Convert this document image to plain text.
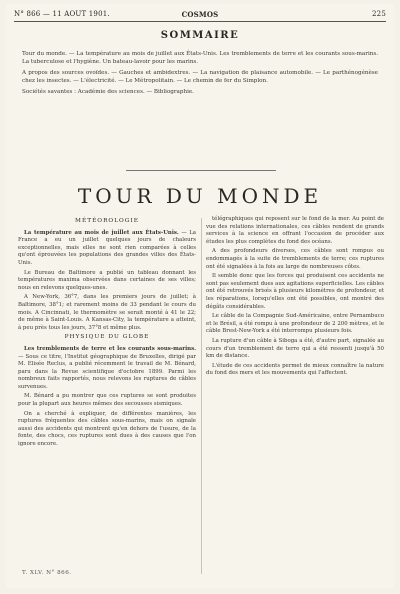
N° 866 — 11 AOUT 1901.	COSMOS	225
SOMMAIRE

Tour du monde. — La température au mois de juillet aux États-Unis. Les tremblements de terre et les courants sous-marins. La tuberculose et l'hygiène. Un bateau-lavoir pour les marins.

A propos des sources ovoïdes. — Gauches et ambidextres. — La navigation de plaisance automobile. — Le parthénogénèse chez les insectes. — L'électricité. — Le Métropolitain. — Le chemin de fer du Simplon.

Sociétés savantes : Académie des sciences. — Bibliographie.

TOUR DU MONDE
MÉTÉOROLOGIE

La température au mois de juillet aux États-Unis. — La France a eu un juillet quelques jours de chaleurs exceptionnelles, mais elles ne sont rien comparées à celles qu'ont éprouvées les populations des grandes villes des États-Unis.

Le Bureau de Baltimore a publié un tableau donnant les températures maxima observées dans certaines de ses villes; nous en relevons quelques-unes.

A New-York, 36°7, dans les premiers jours de juillet; à Baltimore, 38°1; et rarement moins de 33 pendant le cours du mois. A Cincinnati, le thermomètre se serait monté à 41 le 22; de même à Saint-Louis. A Kansas-City, la température a atteint, à peu près tous les jours, 37°8 et même plus.

PHYSIQUE DU GLOBE

Les tremblements de terre et les courants sous-marins. — Sous ce titre, l'Institut géographique de Bruxelles, dirigé par M. Elisée Reclus, a publié récemment le travail de M. Bénard, paru dans la Revue scientifique d'octobre 1899. Parmi les nombreux faits rapportés, nous relevons les ruptures de câbles survenues.

M. Bénard a pu montrer que ces ruptures se sont produites pour la plupart aux heures mêmes des secousses sismiques.

On a cherché à expliquer, de différentes manières, les ruptures fréquentes des câbles sous-marins, mais on signale aussi des accidents qui montrent qu'en dehors de l'usure, de la fonte, des chocs, ces ruptures sont dues à des causes que l'on ignore encore.

télégraphiques qui reposent sur le fond de la mer. Au point de vue des relations internationales, ces câbles rendent de grands services à la science en offrant l'occasion de procéder aux études les plus complètes du fond des océans.

A des profondeurs diverses, ces câbles sont rompus ou endommagés à la suite de tremblements de terre; ces ruptures ont été signalées à la fois au large de nombreuses côtes.

Il semble donc que les forces qui produisent ces accidents ne sont pas seulement dues aux agitations superficielles. Les câbles ont été retrouvés brisés à plusieurs kilomètres de profondeur, et les réparations, lorsqu'elles ont été possibles, ont montré des dégâts considérables.

Le câble de la Compagnie Sud-Américaine, entre Pernambuco et le Brésil, a été rompu à une profondeur de 2 200 mètres, et le câble Brest-New-York a été interrompu plusieurs fois.

La rupture d'un câble à Siboga a été, d'autre part, signalée au cours d'un tremblement de terre qui a été ressenti jusqu'à 50 km de distance.

L'étude de ces accidents permet de mieux connaître la nature du fond des mers et les mouvements qui l'affectent.

T. XLV. N° 866.
